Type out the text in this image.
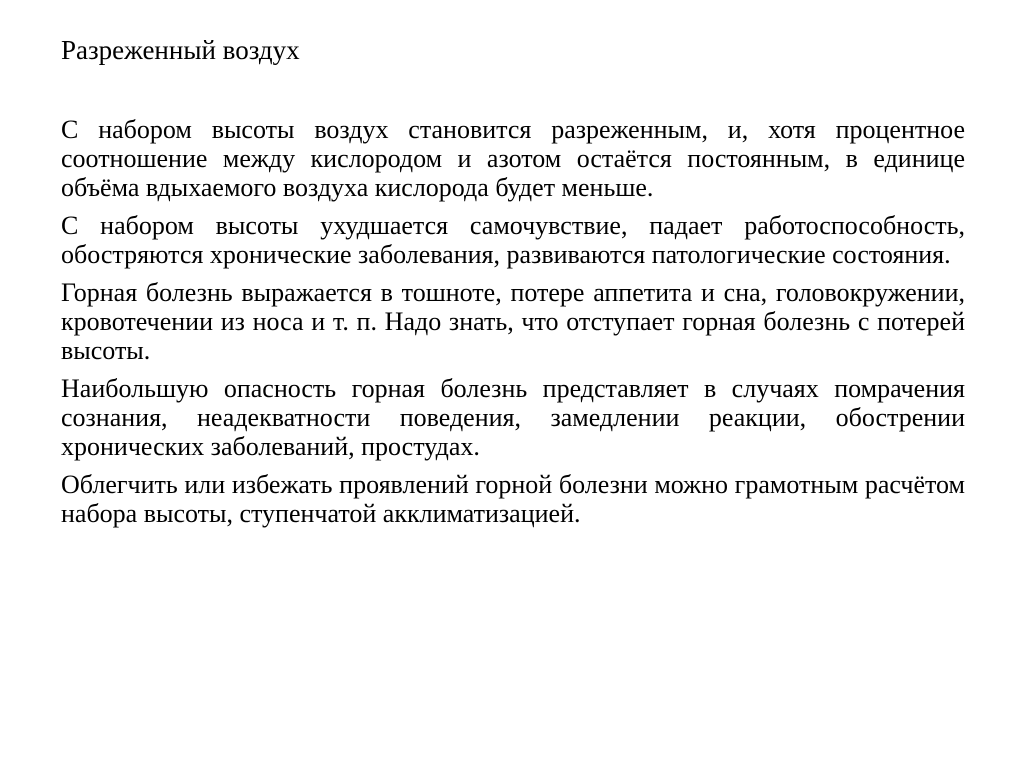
Разреженный воздух

С набором высоты воздух становится разреженным, и, хотя процентное соотношение между кислородом и азотом остаётся постоянным, в единице объёма вдыхаемого воздуха кислорода будет меньше.

С набором высоты ухудшается самочувствие, падает работоспособность, обостряются хронические заболевания, развиваются патологические состояния.

Горная болезнь выражается в тошноте, потере аппетита и сна, головокружении, кровотечении из носа и т. п. Надо знать, что отступает горная болезнь с потерей высоты.

Наибольшую опасность горная болезнь представляет в случаях помрачения сознания, неадекватности поведения, замедлении реакции, обострении хронических заболеваний, простудах.

Облегчить или избежать проявлений горной болезни можно грамотным расчётом набора высоты, ступенчатой акклиматизацией.
